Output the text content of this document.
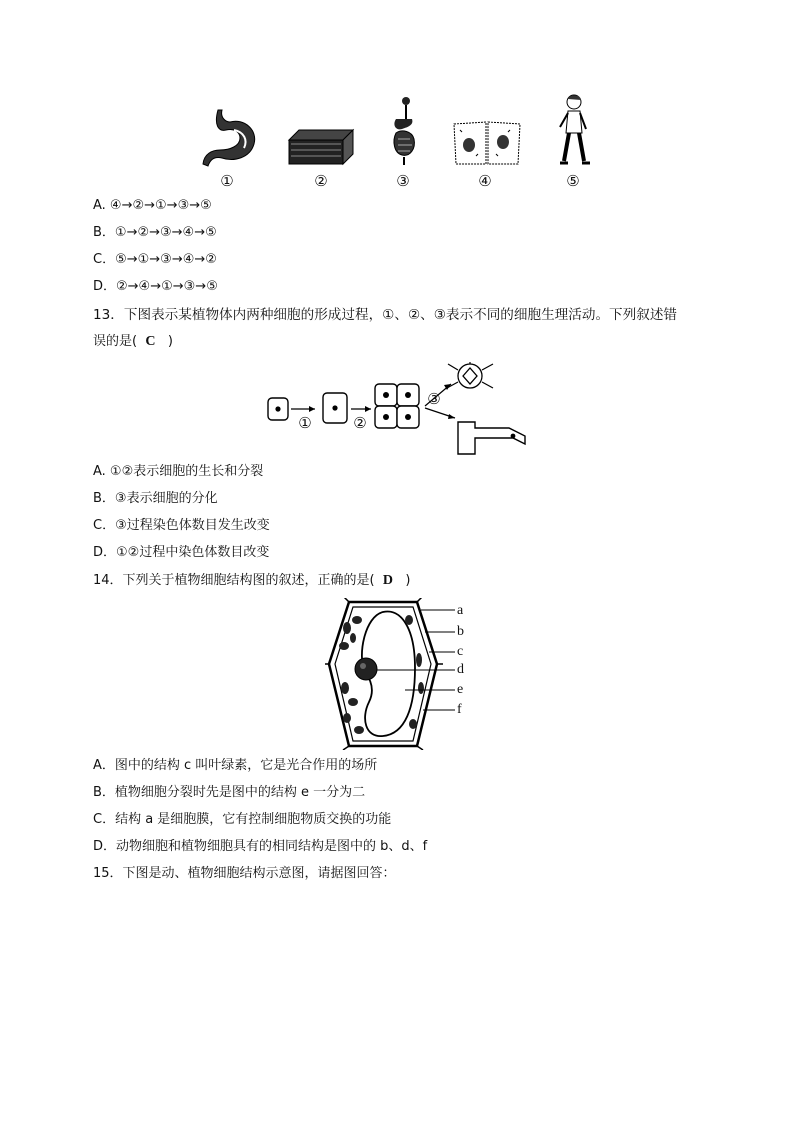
①	②	③	④	⑤
A. ④→②→①→③→⑤
B．①→②→③→④→⑤
C．⑤→①→③→④→②
D．②→④→①→③→⑤
13．下图表示某植物体内两种细胞的形成过程，①、②、③表示不同的细胞生理活动。下列叙述错
误的是( C )
①	②
③
A. ①②表示细胞的生长和分裂
B．③表示细胞的分化
C．③过程染色体数目发生改变
D．①②过程中染色体数目改变
14．下列关于植物细胞结构图的叙述，正确的是( D )
a
b
c
d
e
f
A．图中的结构 c 叫叶绿素，它是光合作用的场所
B．植物细胞分裂时先是图中的结构 e 一分为二
C．结构 a 是细胞膜，它有控制细胞物质交换的功能
D．动物细胞和植物细胞具有的相同结构是图中的 b、d、f
15．下图是动、植物细胞结构示意图，请据图回答：
